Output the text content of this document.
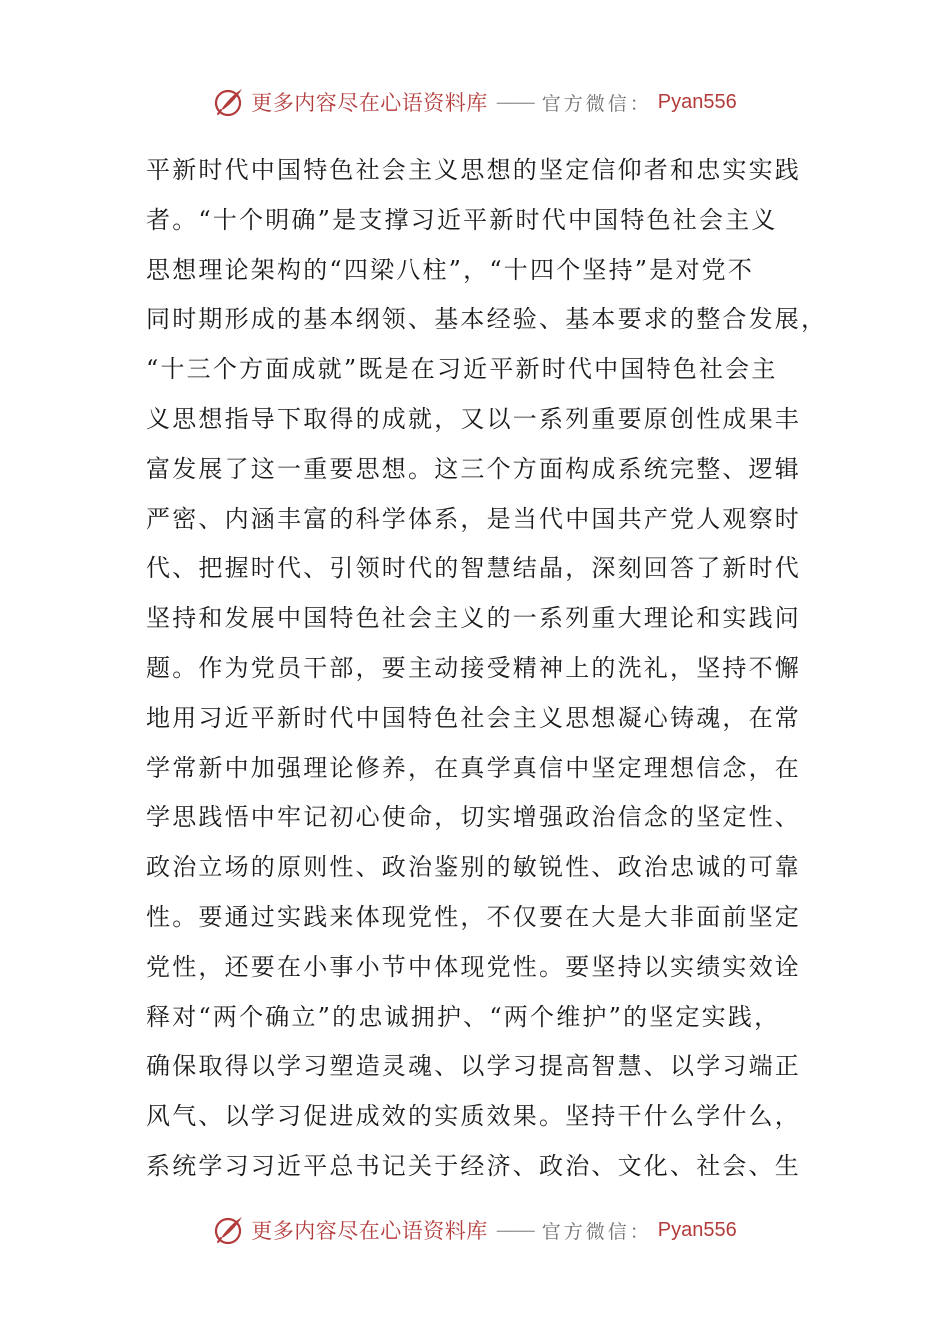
更多内容尽在心语资料库 —— 官方微信： Pyan556
平新时代中国特色社会主义思想的坚定信仰者和忠实实践
者。“十个明确”是支撑习近平新时代中国特色社会主义
思想理论架构的“四梁八柱”，“十四个坚持”是对党不
同时期形成的基本纲领、基本经验、基本要求的整合发展，
“十三个方面成就”既是在习近平新时代中国特色社会主
义思想指导下取得的成就，又以一系列重要原创性成果丰
富发展了这一重要思想。这三个方面构成系统完整、逻辑
严密、内涵丰富的科学体系，是当代中国共产党人观察时
代、把握时代、引领时代的智慧结晶，深刻回答了新时代
坚持和发展中国特色社会主义的一系列重大理论和实践问
题。作为党员干部，要主动接受精神上的洗礼，坚持不懈
地用习近平新时代中国特色社会主义思想凝心铸魂，在常
学常新中加强理论修养，在真学真信中坚定理想信念，在
学思践悟中牢记初心使命，切实增强政治信念的坚定性、
政治立场的原则性、政治鉴别的敏锐性、政治忠诚的可靠
性。要通过实践来体现党性，不仅要在大是大非面前坚定
党性，还要在小事小节中体现党性。要坚持以实绩实效诠
释对“两个确立”的忠诚拥护、“两个维护”的坚定实践，
确保取得以学习塑造灵魂、以学习提高智慧、以学习端正
风气、以学习促进成效的实质效果。坚持干什么学什么，
系统学习习近平总书记关于经济、政治、文化、社会、生
更多内容尽在心语资料库 —— 官方微信： Pyan556
